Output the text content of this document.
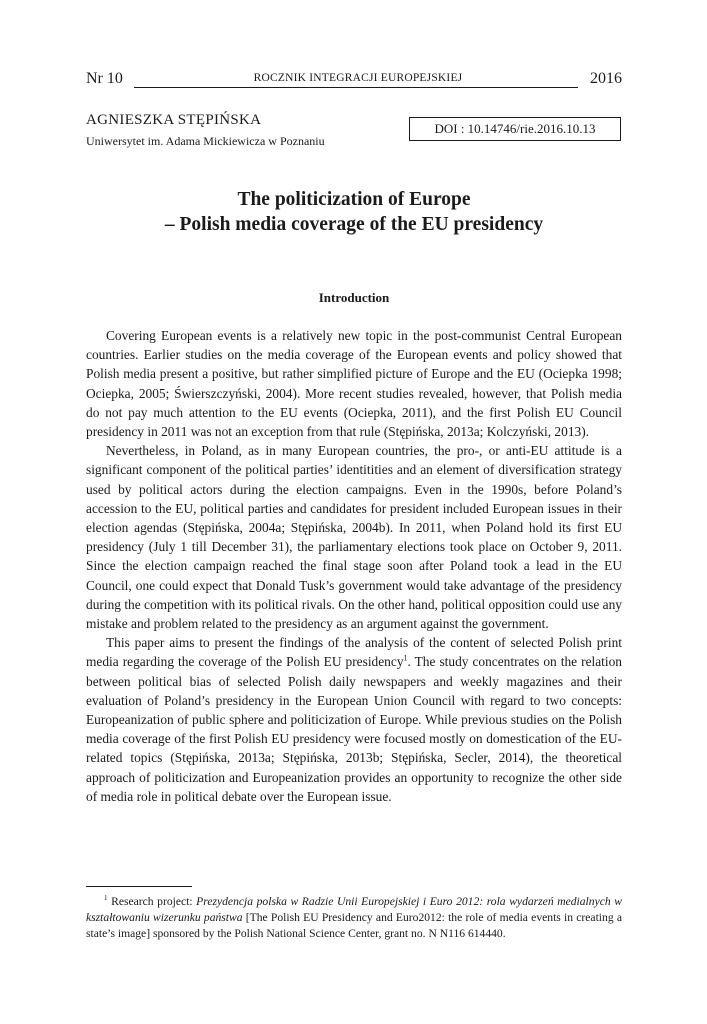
Nr 10	ROCZNIK INTEGRACJI EUROPEJSKIEJ	2016
AGNIESZKA STĘPIŃSKA
Uniwersytet im. Adama Mickiewicza w Poznaniu
DOI : 10.14746/rie.2016.10.13
The politicization of Europe
– Polish media coverage of the EU presidency
Introduction

Covering European events is a relatively new topic in the post-communist Central European countries. Earlier studies on the media coverage of the European events and policy showed that Polish media present a positive, but rather simplified picture of Europe and the EU (Ociepka 1998; Ociepka, 2005; Świerszczyński, 2004). More recent studies revealed, however, that Polish media do not pay much attention to the EU events (Ociepka, 2011), and the first Polish EU Council presidency in 2011 was not an exception from that rule (Stępińska, 2013a; Kolczyński, 2013).

Nevertheless, in Poland, as in many European countries, the pro-, or anti-EU attitude is a significant component of the political parties’ identitities and an element of diversification strategy used by political actors during the election campaigns. Even in the 1990s, before Poland’s accession to the EU, political parties and candidates for president included European issues in their election agendas (Stępińska, 2004a; Stępińska, 2004b). In 2011, when Poland hold its first EU presidency (July 1 till December 31), the parliamentary elections took place on October 9, 2011. Since the election campaign reached the final stage soon after Poland took a lead in the EU Council, one could expect that Donald Tusk’s government would take advantage of the presidency during the competition with its political rivals. On the other hand, political opposition could use any mistake and problem related to the presidency as an argument against the government.

This paper aims to present the findings of the analysis of the content of selected Polish print media regarding the coverage of the Polish EU presidency$^1$. The study concentrates on the relation between political bias of selected Polish daily newspapers and weekly magazines and their evaluation of Poland’s presidency in the European Union Council with regard to two concepts: Europeanization of public sphere and politicization of Europe. While previous studies on the Polish media coverage of the first Polish EU presidency were focused mostly on domestication of the EU-related topics (Stępińska, 2013a; Stępińska, 2013b; Stępińska, Secler, 2014), the theoretical approach of politicization and Europeanization provides an opportunity to recognize the other side of media role in political debate over the European issue.

$^1$ Research project: Prezydencja polska w Radzie Unii Europejskiej i Euro 2012: rola wydarzeń medialnych w kształtowaniu wizerunku państwa [The Polish EU Presidency and Euro2012: the role of media events in creating a state’s image] sponsored by the Polish National Science Center, grant no. N N116 614440.
